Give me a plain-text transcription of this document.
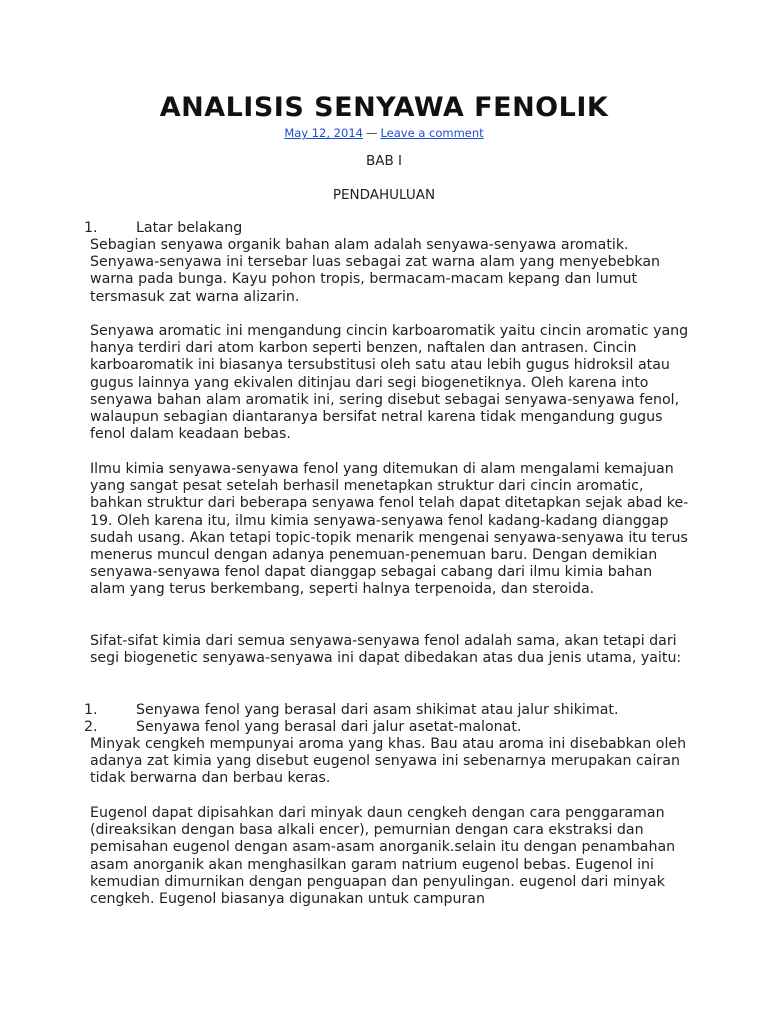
ANALISIS SENYAWA FENOLIK
May 12, 2014 — Leave a comment
BAB I
PENDAHULUAN
1.	Latar belakang

Sebagian senyawa organik bahan alam adalah senyawa-senyawa aromatik. Senyawa-senyawa ini tersebar luas sebagai zat warna alam yang menyebebkan warna pada bunga. Kayu pohon tropis, bermacam-macam kepang dan lumut tersmasuk zat warna alizarin.

Senyawa aromatic ini mengandung cincin karboaromatik yaitu cincin aromatic yang hanya terdiri dari atom karbon seperti benzen, naftalen dan antrasen. Cincin karboaromatik ini biasanya tersubstitusi oleh satu atau lebih gugus hidroksil atau gugus lainnya yang ekivalen ditinjau dari segi biogenetiknya. Oleh karena into senyawa bahan alam aromatik ini, sering disebut sebagai senyawa-senyawa fenol, walaupun sebagian diantaranya bersifat netral karena tidak mengandung gugus fenol dalam keadaan bebas.

Ilmu kimia senyawa-senyawa fenol yang ditemukan di alam mengalami kemajuan yang sangat pesat setelah berhasil menetapkan struktur dari cincin aromatic, bahkan struktur dari beberapa senyawa fenol telah dapat ditetapkan sejak abad ke-19. Oleh karena itu, ilmu kimia senyawa-senyawa fenol kadang-kadang dianggap sudah usang. Akan tetapi topic-topik menarik mengenai senyawa-senyawa itu terus menerus muncul dengan adanya penemuan-penemuan baru. Dengan demikian senyawa-senyawa fenol dapat dianggap sebagai cabang dari ilmu kimia bahan alam yang terus berkembang, seperti halnya terpenoida, dan steroida.

Sifat-sifat kimia dari semua senyawa-senyawa fenol adalah sama, akan tetapi dari segi biogenetic senyawa-senyawa ini dapat dibedakan atas dua jenis utama, yaitu:

1.	Senyawa fenol yang berasal dari asam shikimat atau jalur shikimat.
2.	Senyawa fenol yang berasal dari jalur asetat-malonat.

Minyak cengkeh mempunyai aroma yang khas. Bau atau aroma ini disebabkan oleh adanya zat kimia yang disebut eugenol senyawa ini sebenarnya merupakan cairan tidak berwarna dan berbau keras.

Eugenol dapat dipisahkan dari minyak daun cengkeh dengan cara penggaraman (direaksikan dengan basa alkali encer), pemurnian dengan cara ekstraksi dan pemisahan eugenol dengan asam-asam anorganik.selain itu dengan penambahan asam anorganik akan menghasilkan garam natrium eugenol bebas. Eugenol ini kemudian dimurnikan dengan penguapan dan penyulingan. eugenol dari minyak cengkeh. Eugenol biasanya digunakan untuk campuran
